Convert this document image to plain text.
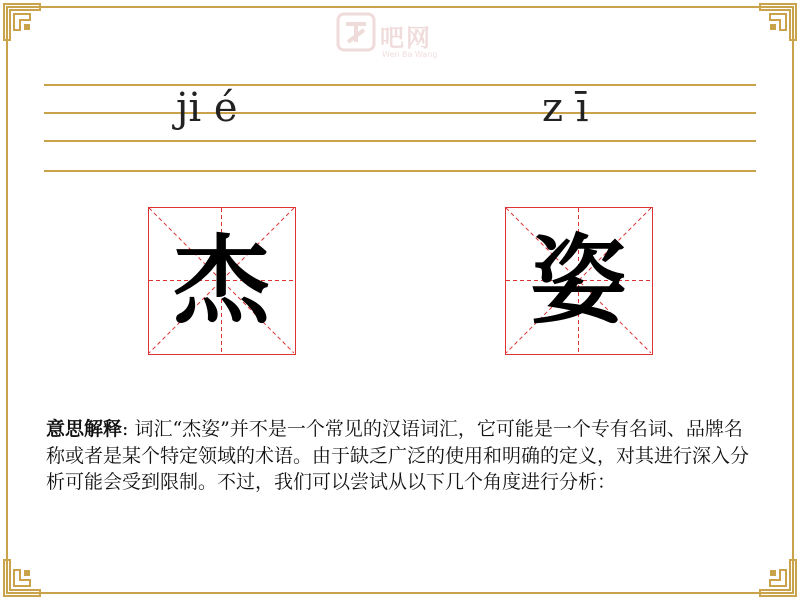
吧网
Wen Ba Wang
ji é	z ī
杰	姿
意思解释: 词汇“杰姿”并不是一个常见的汉语词汇，它可能是一个专有名词、品牌名称或者是某个特定领域的术语。由于缺乏广泛的使用和明确的定义，对其进行深入分析可能会受到限制。不过，我们可以尝试从以下几个角度进行分析：
